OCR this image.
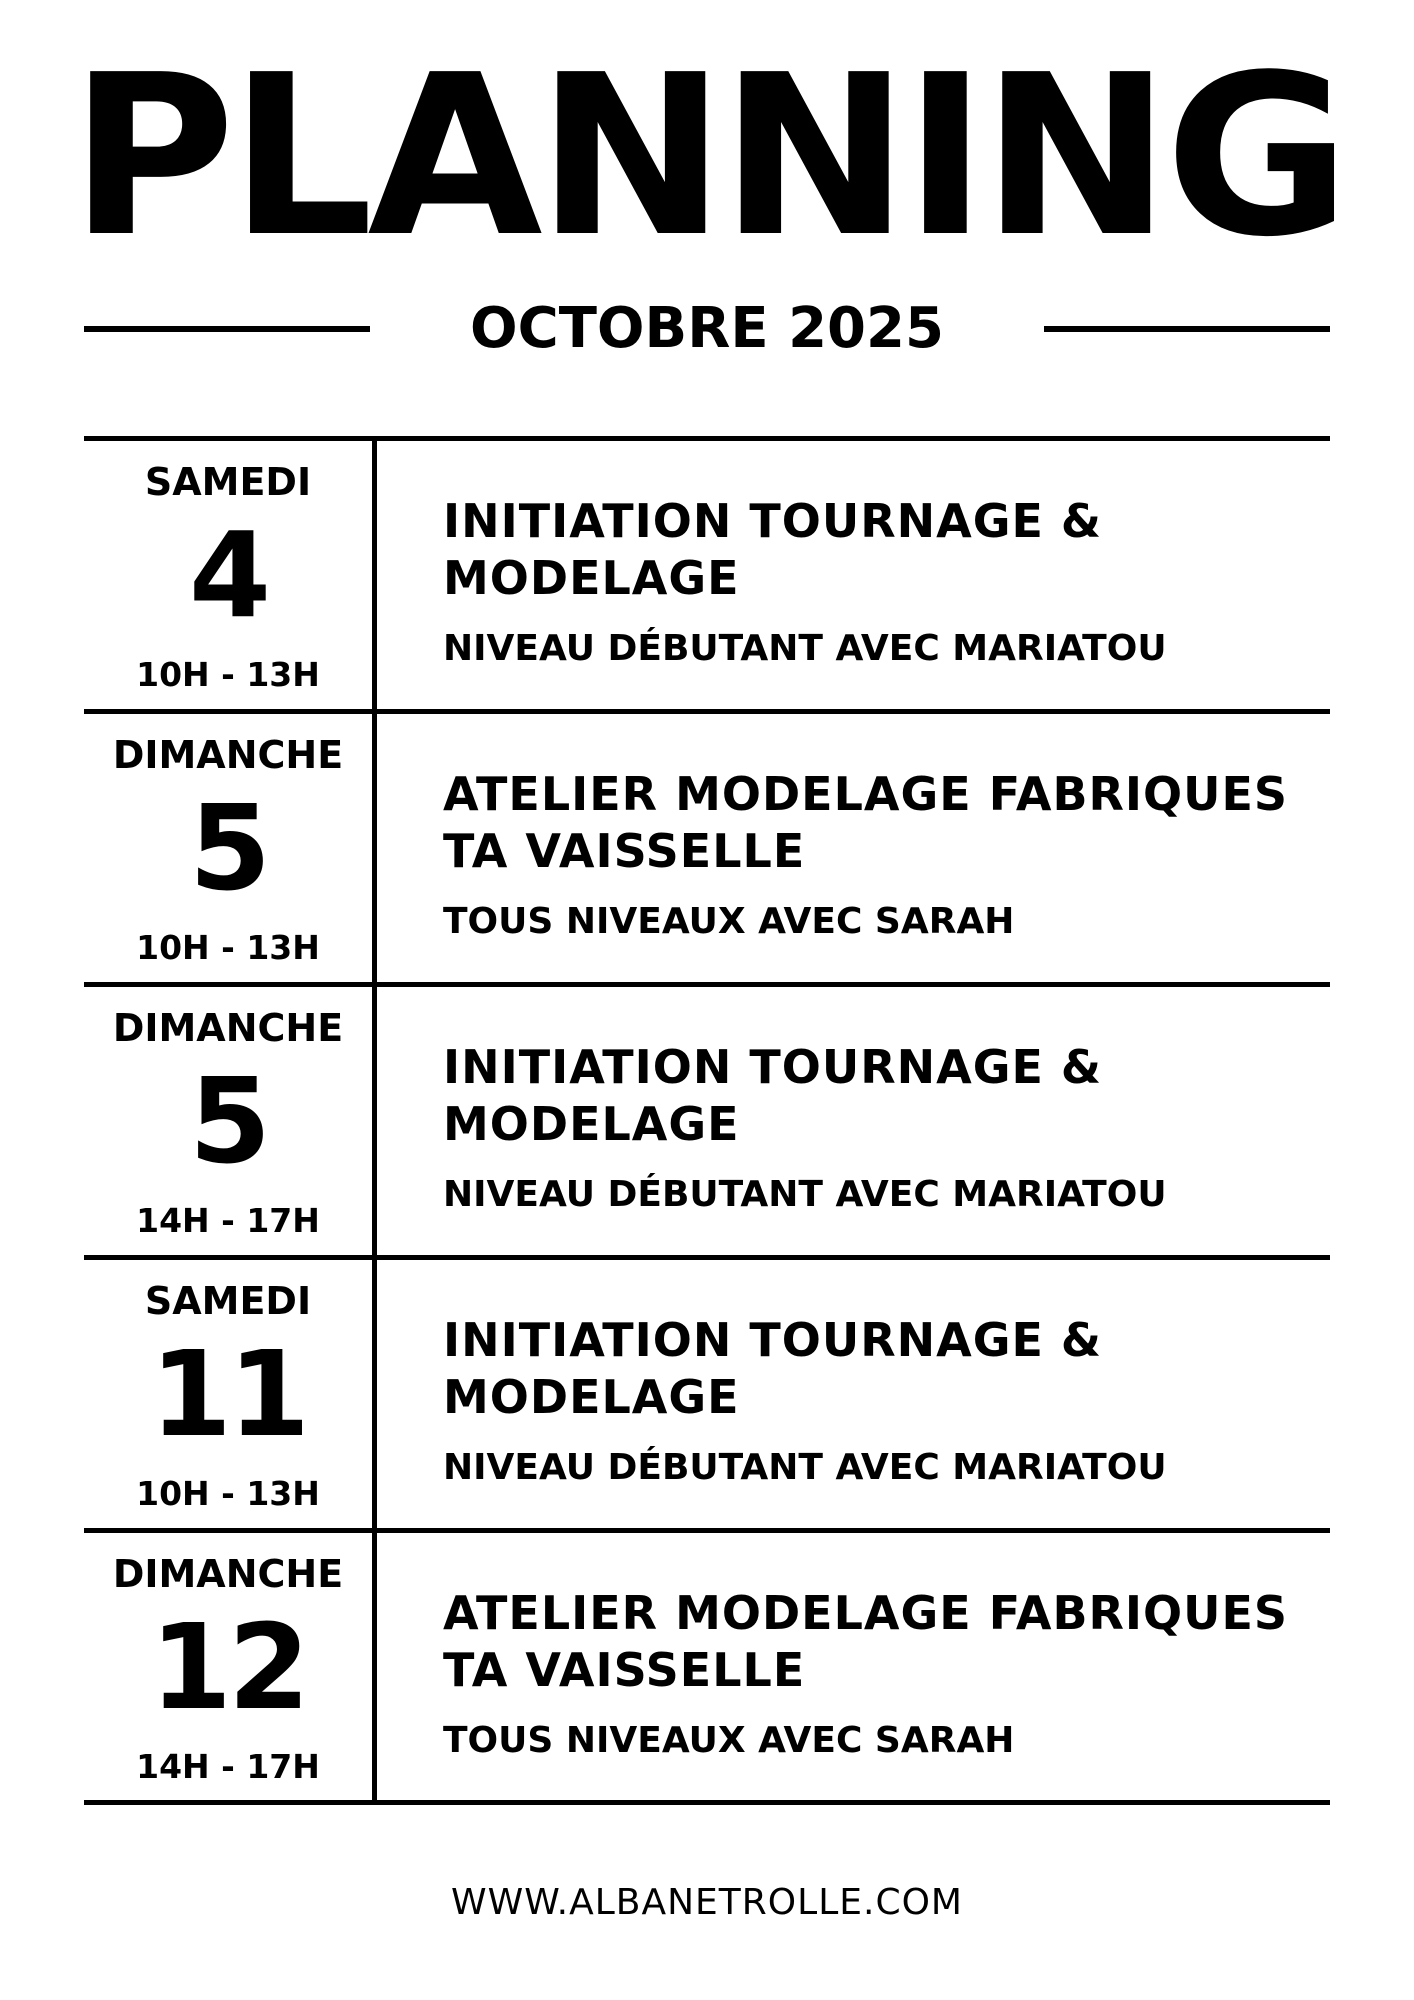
PLANNING
OCTOBRE 2025
SAMEDI
4
10H - 13H
INITIATION TOURNAGE & MODELAGE
NIVEAU DÉBUTANT AVEC MARIATOU
DIMANCHE
5
10H - 13H
ATELIER MODELAGE FABRIQUES TA VAISSELLE
TOUS NIVEAUX AVEC SARAH
DIMANCHE
5
14H - 17H
INITIATION TOURNAGE & MODELAGE
NIVEAU DÉBUTANT AVEC MARIATOU
SAMEDI
11
10H - 13H
INITIATION TOURNAGE & MODELAGE
NIVEAU DÉBUTANT AVEC MARIATOU
DIMANCHE
12
14H - 17H
ATELIER MODELAGE FABRIQUES TA VAISSELLE
TOUS NIVEAUX AVEC SARAH
WWW.ALBANETROLLE.COM
